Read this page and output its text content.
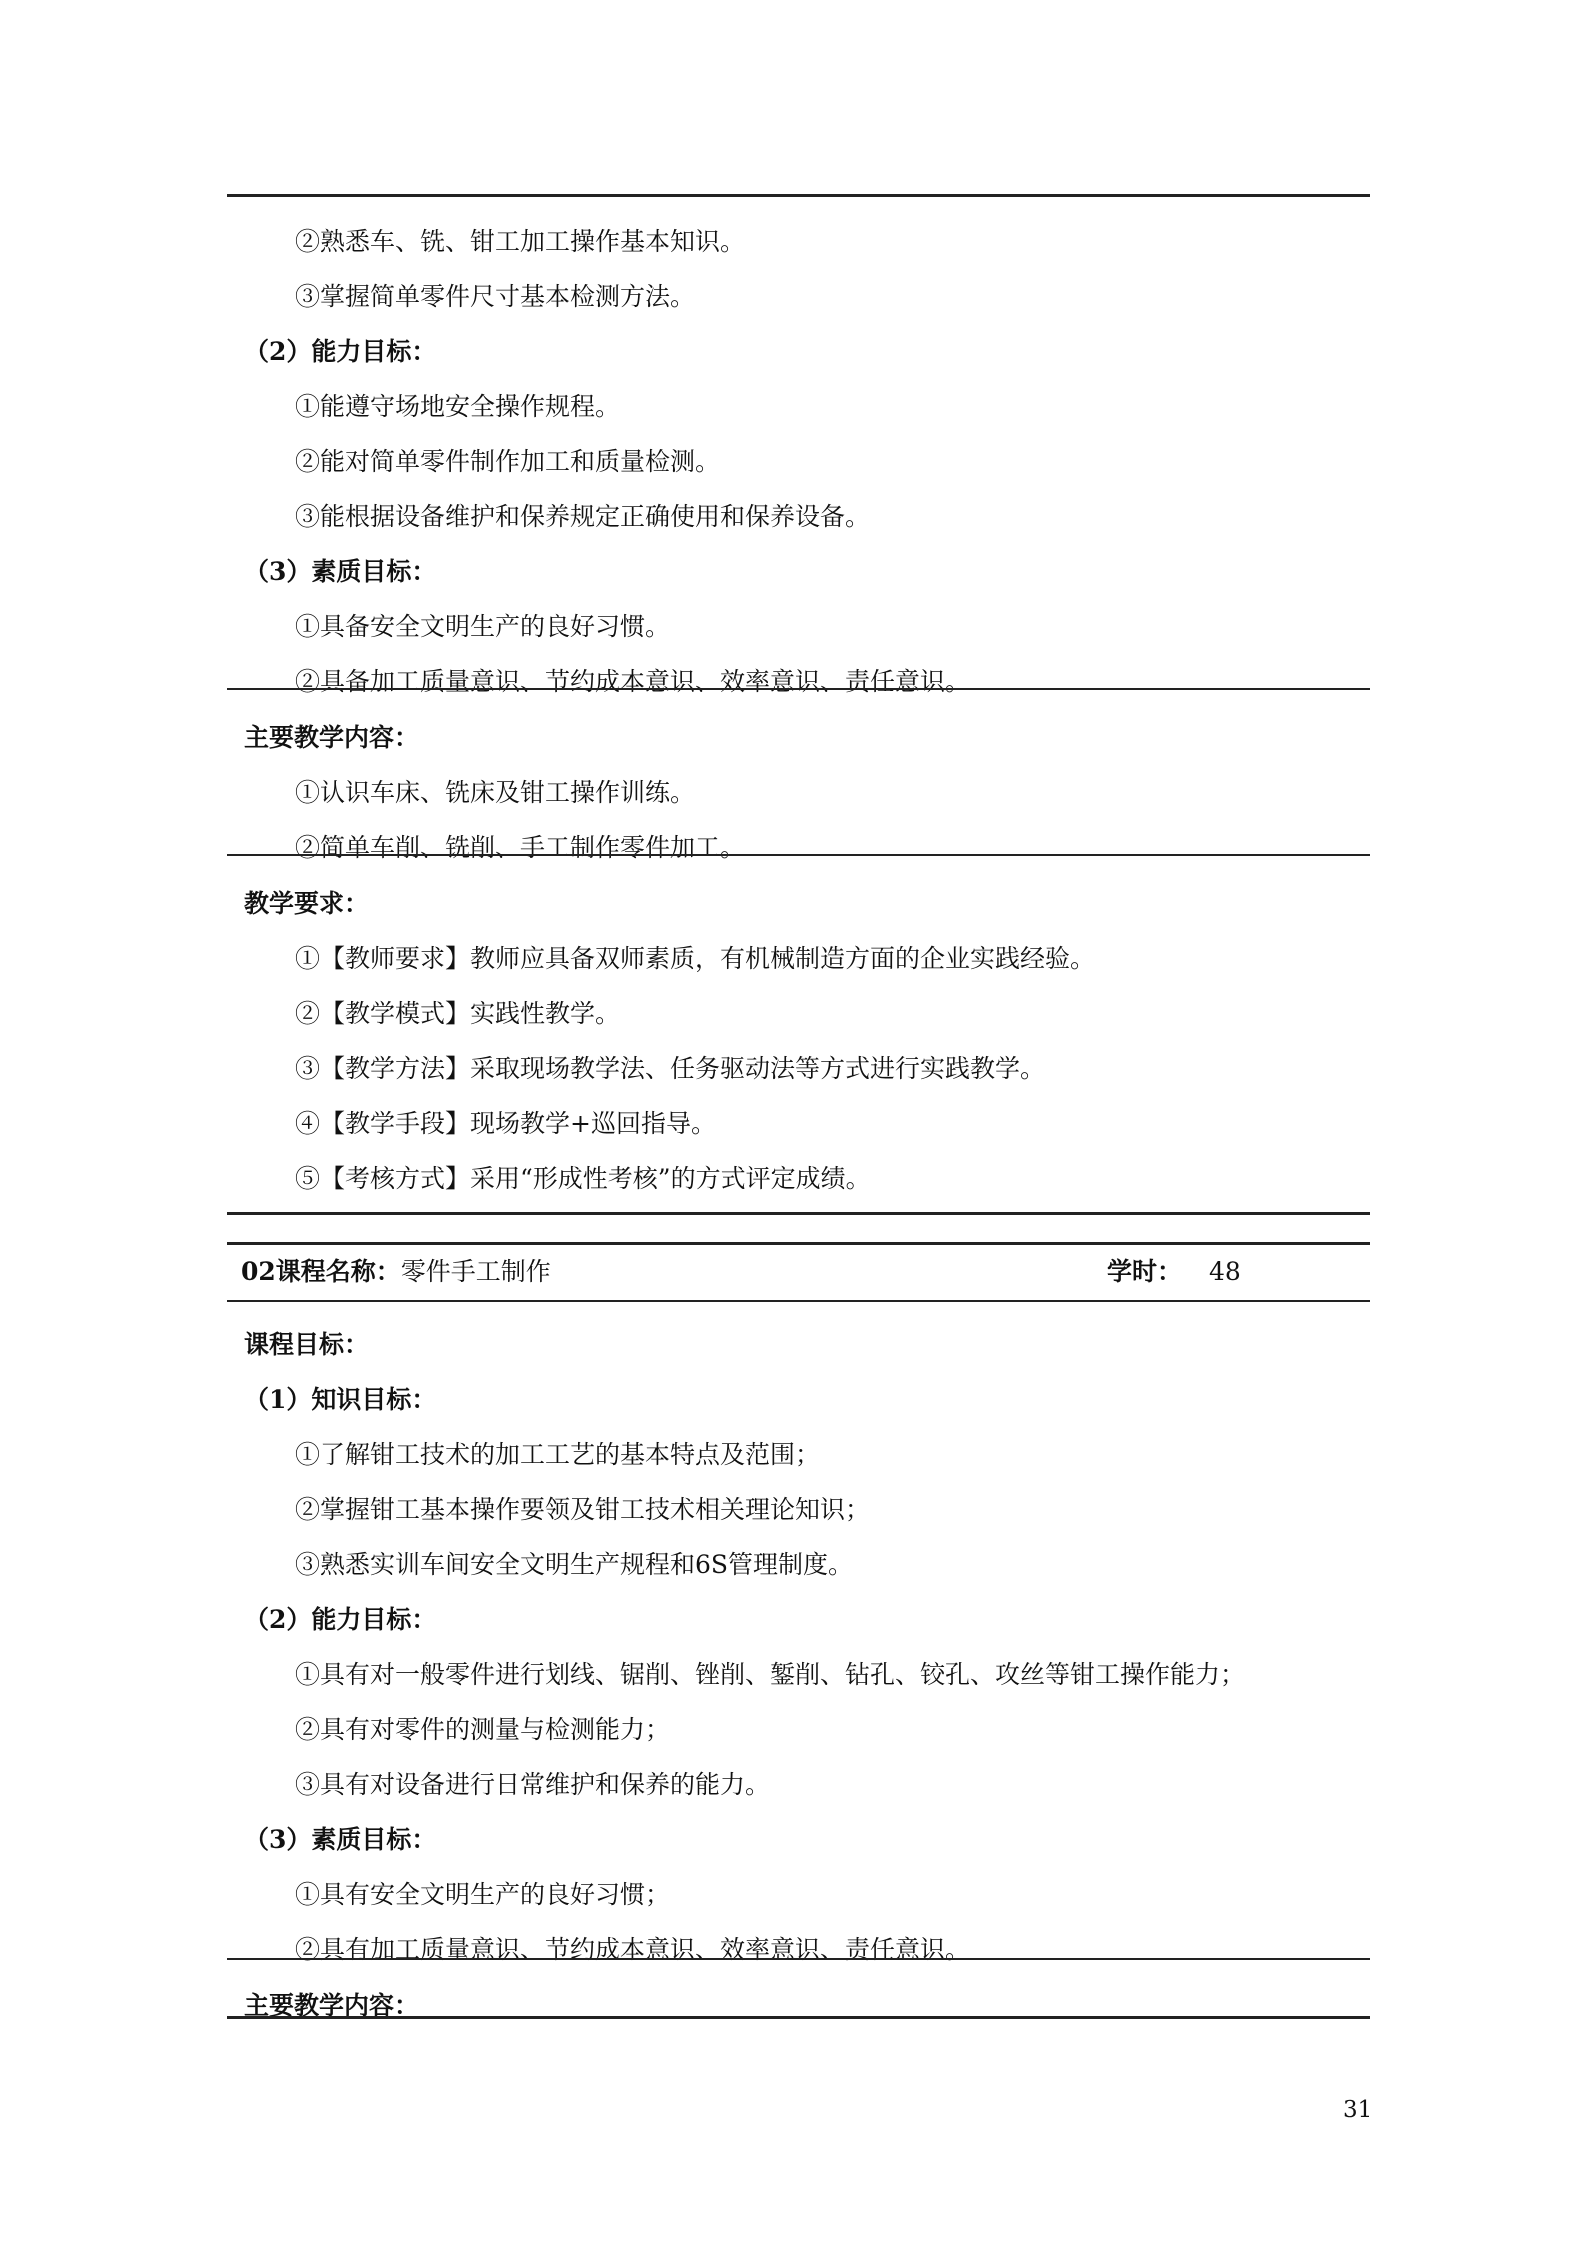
②熟悉车、铣、钳工加工操作基本知识。
③掌握简单零件尺寸基本检测方法。
（2）能力目标：
①能遵守场地安全操作规程。
②能对简单零件制作加工和质量检测。
③能根据设备维护和保养规定正确使用和保养设备。
（3）素质目标：
①具备安全文明生产的良好习惯。
②具备加工质量意识、节约成本意识、效率意识、责任意识。
主要教学内容：
①认识车床、铣床及钳工操作训练。
②简单车削、铣削、手工制作零件加工。
教学要求：
①【教师要求】教师应具备双师素质，有机械制造方面的企业实践经验。
②【教学模式】实践性教学。
③【教学方法】采取现场教学法、任务驱动法等方式进行实践教学。
④【教学手段】现场教学+巡回指导。
⑤【考核方式】采用“形成性考核”的方式评定成绩。
02课程名称：零件手工制作	学时： 48
课程目标：
（1）知识目标：
①了解钳工技术的加工工艺的基本特点及范围；
②掌握钳工基本操作要领及钳工技术相关理论知识；
③熟悉实训车间安全文明生产规程和6S管理制度。
（2）能力目标：
①具有对一般零件进行划线、锯削、锉削、錾削、钻孔、铰孔、攻丝等钳工操作能力；
②具有对零件的测量与检测能力；
③具有对设备进行日常维护和保养的能力。
（3）素质目标：
①具有安全文明生产的良好习惯；
②具有加工质量意识、节约成本意识、效率意识、责任意识。
主要教学内容：
31
